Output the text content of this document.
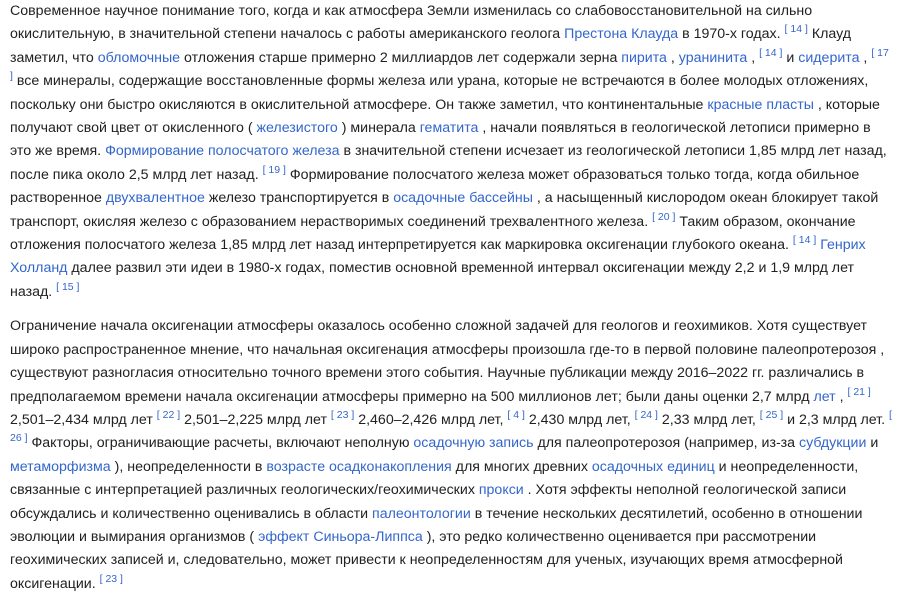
Современное научное понимание того, когда и как атмосфера Земли изменилась со слабовосстановительной на сильно окислительную, в значительной степени началось с работы американского геолога Престона Клауда в 1970-х годах. [ 14 ] Клауд заметил, что обломочные отложения старше примерно 2 миллиардов лет содержали зерна пирита , уранинита , [ 14 ] и сидерита , [ 17 ] все минералы, содержащие восстановленные формы железа или урана, которые не встречаются в более молодых отложениях, поскольку они быстро окисляются в окислительной атмосфере. Он также заметил, что континентальные красные пласты , которые получают свой цвет от окисленного ( железистого ) минерала гематита , начали появляться в геологической летописи примерно в это же время. Формирование полосчатого железа в значительной степени исчезает из геологической летописи 1,85 млрд лет назад, после пика около 2,5 млрд лет назад. [ 19 ] Формирование полосчатого железа может образоваться только тогда, когда обильное растворенное двухвалентное железо транспортируется в осадочные бассейны , а насыщенный кислородом океан блокирует такой транспорт, окисляя железо с образованием нерастворимых соединений трехвалентного железа. [ 20 ] Таким образом, окончание отложения полосчатого железа 1,85 млрд лет назад интерпретируется как маркировка оксигенации глубокого океана. [ 14 ] Генрих Холланд далее развил эти идеи в 1980-х годах, поместив основной временной интервал оксигенации между 2,2 и 1,9 млрд лет назад. [ 15 ]

Ограничение начала оксигенации атмосферы оказалось особенно сложной задачей для геологов и геохимиков. Хотя существует широко распространенное мнение, что начальная оксигенация атмосферы произошла где-то в первой половине палеопротерозоя , существуют разногласия относительно точного времени этого события. Научные публикации между 2016–2022 гг. различались в предполагаемом времени начала оксигенации атмосферы примерно на 500 миллионов лет; были даны оценки 2,7 млрд лет , [ 21 ] 2,501–2,434 млрд лет [ 22 ] 2,501–2,225 млрд лет [ 23 ] 2,460–2,426 млрд лет, [ 4 ] 2,430 млрд лет, [ 24 ] 2,33 млрд лет, [ 25 ] и 2,3 млрд лет. [ 26 ] Факторы, ограничивающие расчеты, включают неполную осадочную запись для палеопротерозоя (например, из-за субдукции и метаморфизма ), неопределенности в возрасте осадконакопления для многих древних осадочных единиц и неопределенности, связанные с интерпретацией различных геологических/геохимических прокси . Хотя эффекты неполной геологической записи обсуждались и количественно оценивались в области палеонтологии в течение нескольких десятилетий, особенно в отношении эволюции и вымирания организмов ( эффект Синьора-Липпса ), это редко количественно оценивается при рассмотрении геохимических записей и, следовательно, может привести к неопределенностям для ученых, изучающих время атмосферной оксигенации. [ 23 ]
